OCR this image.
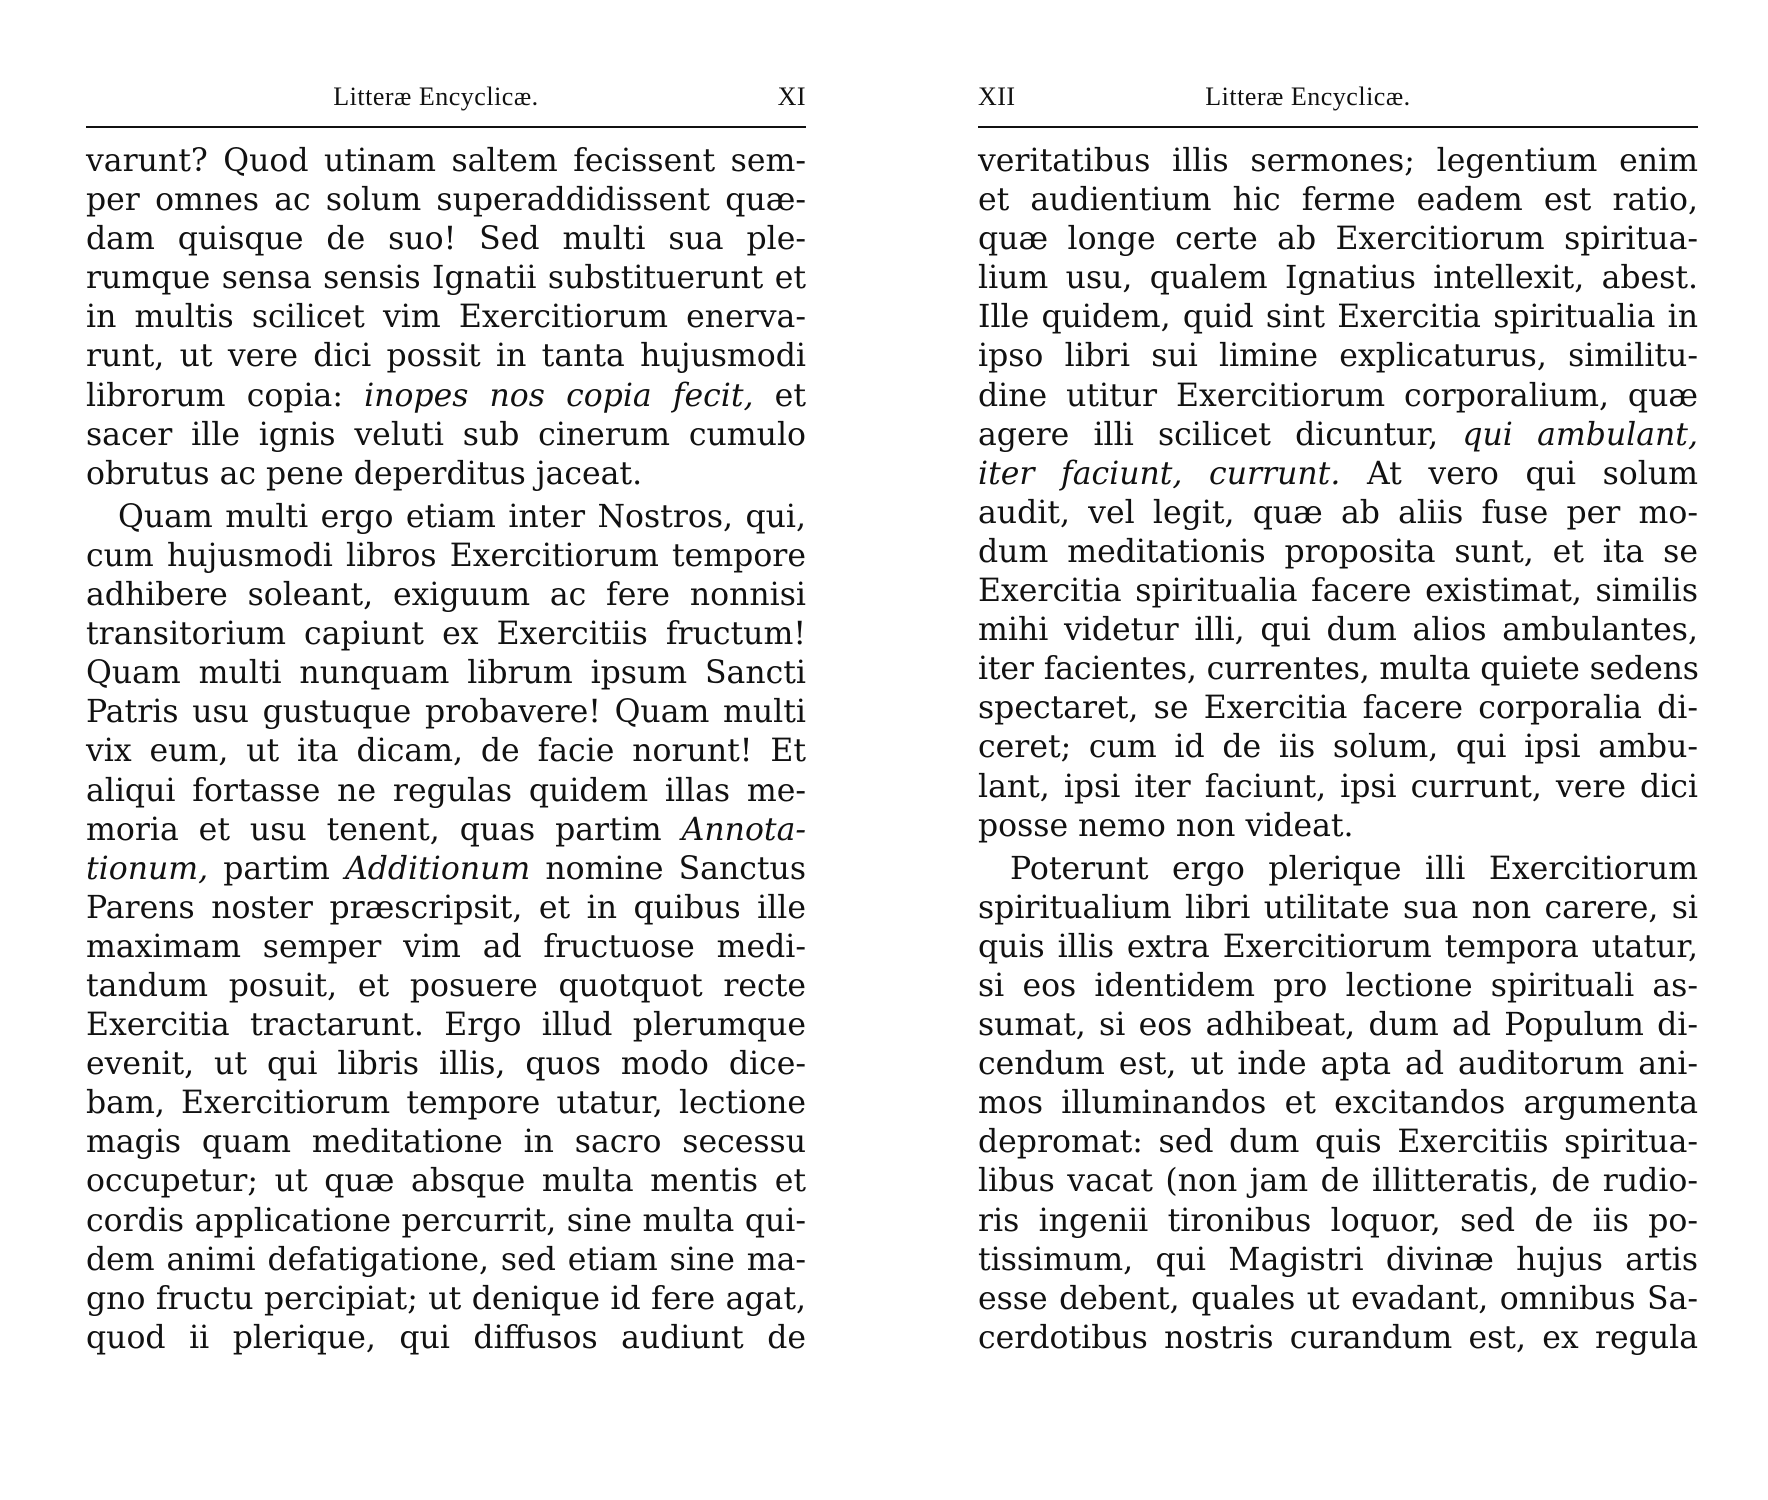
Litteræ Encyclicæ.	XI
varunt? Quod utinam saltem fecissent sem-
per omnes ac solum superaddidissent quæ-
dam quisque de suo! Sed multi sua ple-
rumque sensa sensis Ignatii substituerunt et
in multis scilicet vim Exercitiorum enerva-
runt, ut vere dici possit in tanta hujusmodi
librorum copia: inopes nos copia fecit, et
sacer ille ignis veluti sub cinerum cumulo
obrutus ac pene deperditus jaceat.
Quam multi ergo etiam inter Nostros, qui,
cum hujusmodi libros Exercitiorum tempore
adhibere soleant, exiguum ac fere nonnisi
transitorium capiunt ex Exercitiis fructum!
Quam multi nunquam librum ipsum Sancti
Patris usu gustuque probavere! Quam multi
vix eum, ut ita dicam, de facie norunt! Et
aliqui fortasse ne regulas quidem illas me-
moria et usu tenent, quas partim Annota-
tionum, partim Additionum nomine Sanctus
Parens noster præscripsit, et in quibus ille
maximam semper vim ad fructuose medi-
tandum posuit, et posuere quotquot recte
Exercitia tractarunt. Ergo illud plerumque
evenit, ut qui libris illis, quos modo dice-
bam, Exercitiorum tempore utatur, lectione
magis quam meditatione in sacro secessu
occupetur; ut quæ absque multa mentis et
cordis applicatione percurrit, sine multa qui-
dem animi defatigatione, sed etiam sine ma-
gno fructu percipiat; ut denique id fere agat,
quod ii plerique, qui diffusos audiunt de
XII	Litteræ Encyclicæ.
veritatibus illis sermones; legentium enim
et audientium hic ferme eadem est ratio,
quæ longe certe ab Exercitiorum spiritua-
lium usu, qualem Ignatius intellexit, abest.
Ille quidem, quid sint Exercitia spiritualia in
ipso libri sui limine explicaturus, similitu-
dine utitur Exercitiorum corporalium, quæ
agere illi scilicet dicuntur, qui ambulant,
iter faciunt, currunt. At vero qui solum
audit, vel legit, quæ ab aliis fuse per mo-
dum meditationis proposita sunt, et ita se
Exercitia spiritualia facere existimat, similis
mihi videtur illi, qui dum alios ambulantes,
iter facientes, currentes, multa quiete sedens
spectaret, se Exercitia facere corporalia di-
ceret; cum id de iis solum, qui ipsi ambu-
lant, ipsi iter faciunt, ipsi currunt, vere dici
posse nemo non videat.
Poterunt ergo plerique illi Exercitiorum
spiritualium libri utilitate sua non carere, si
quis illis extra Exercitiorum tempora utatur,
si eos identidem pro lectione spirituali as-
sumat, si eos adhibeat, dum ad Populum di-
cendum est, ut inde apta ad auditorum ani-
mos illuminandos et excitandos argumenta
depromat: sed dum quis Exercitiis spiritua-
libus vacat (non jam de illitteratis, de rudio-
ris ingenii tironibus loquor, sed de iis po-
tissimum, qui Magistri divinæ hujus artis
esse debent, quales ut evadant, omnibus Sa-
cerdotibus nostris curandum est, ex regula
